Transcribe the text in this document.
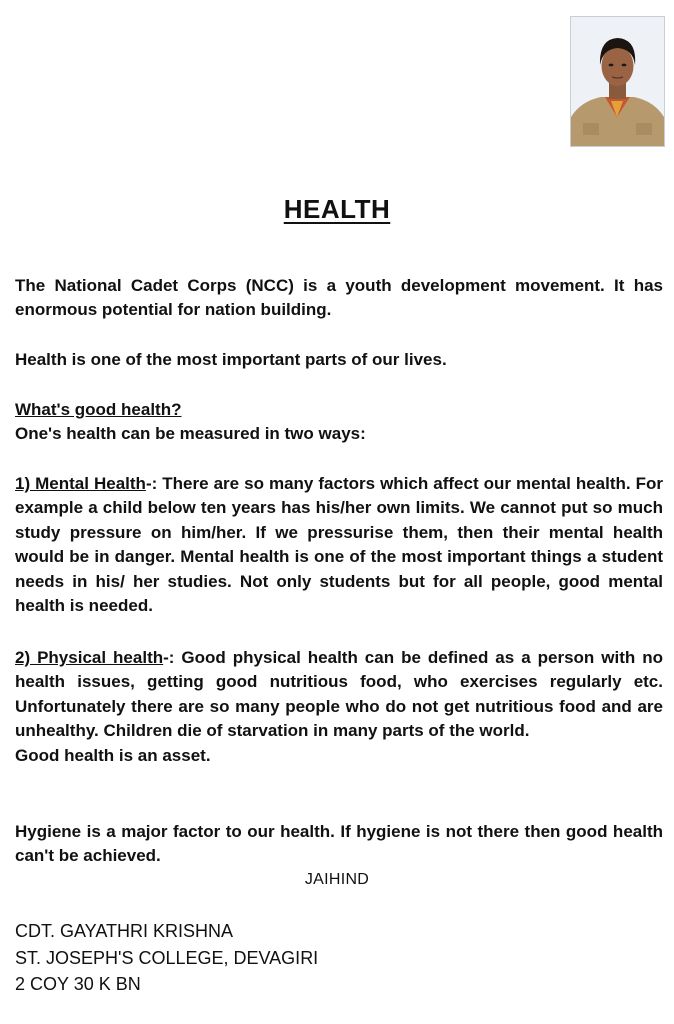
HEALTH

The National Cadet Corps (NCC) is a youth development movement. It has enormous potential for nation building.

Health is one of the most important parts of our lives.

What's good health?

One's health can be measured in two ways:

1) Mental Health-: There are so many factors which affect our mental health. For example a child below ten years has his/her own limits. We cannot put so much study pressure on him/her. If we pressurise them, then their mental health would be in danger. Mental health is one of the most important things a student needs in his/ her studies. Not only students but for all people, good mental health is needed.

2) Physical health-: Good physical health can be defined as a person with no health issues, getting good nutritious food, who exercises regularly etc. Unfortunately there are so many people who do not get nutritious food and are unhealthy. Children die of starvation in many parts of the world.

Good health is an asset.

Hygiene is a major factor to our health. If hygiene is not there then good health can't be achieved.

JAIHIND
CDT. GAYATHRI KRISHNA
ST. JOSEPH'S COLLEGE, DEVAGIRI
2 COY 30 K BN
